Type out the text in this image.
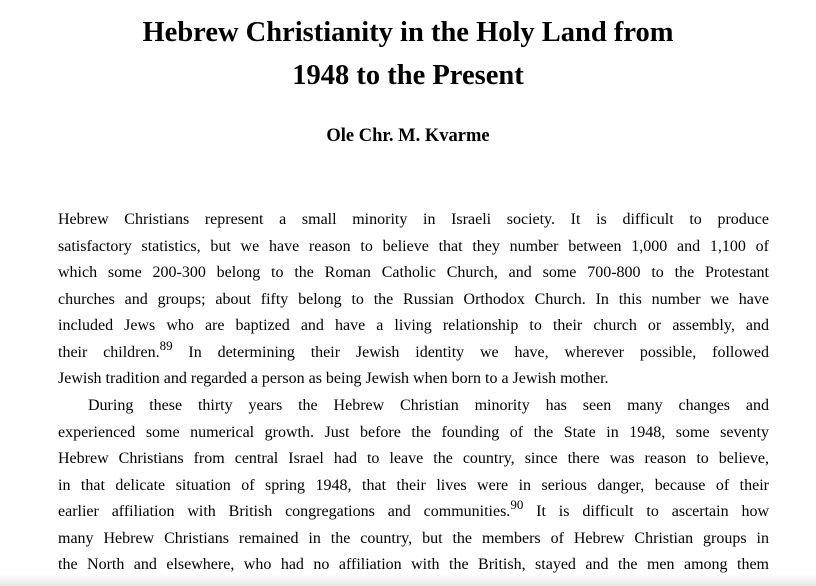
Hebrew Christianity in the Holy Land from
1948 to the Present
Ole Chr. M. Kvarme
Hebrew Christians represent a small minority in Israeli society. It is difficult to produce
satisfactory statistics, but we have reason to believe that they number between 1,000 and 1,100 of
which some 200-300 belong to the Roman Catholic Church, and some 700-800 to the Protestant
churches and groups; about fifty belong to the Russian Orthodox Church. In this number we have
included Jews who are baptized and have a living relationship to their church or assembly, and
their children.$^{89}$ In determining their Jewish identity we have, wherever possible, followed
Jewish tradition and regarded a person as being Jewish when born to a Jewish mother.
During these thirty years the Hebrew Christian minority has seen many changes and
experienced some numerical growth. Just before the founding of the State in 1948, some seventy
Hebrew Christians from central Israel had to leave the country, since there was reason to believe,
in that delicate situation of spring 1948, that their lives were in serious danger, because of their
earlier affiliation with British congregations and communities.$^{90}$ It is difficult to ascertain how
many Hebrew Christians remained in the country, but the members of Hebrew Christian groups in
the North and elsewhere, who had no affiliation with the British, stayed and the men among them
